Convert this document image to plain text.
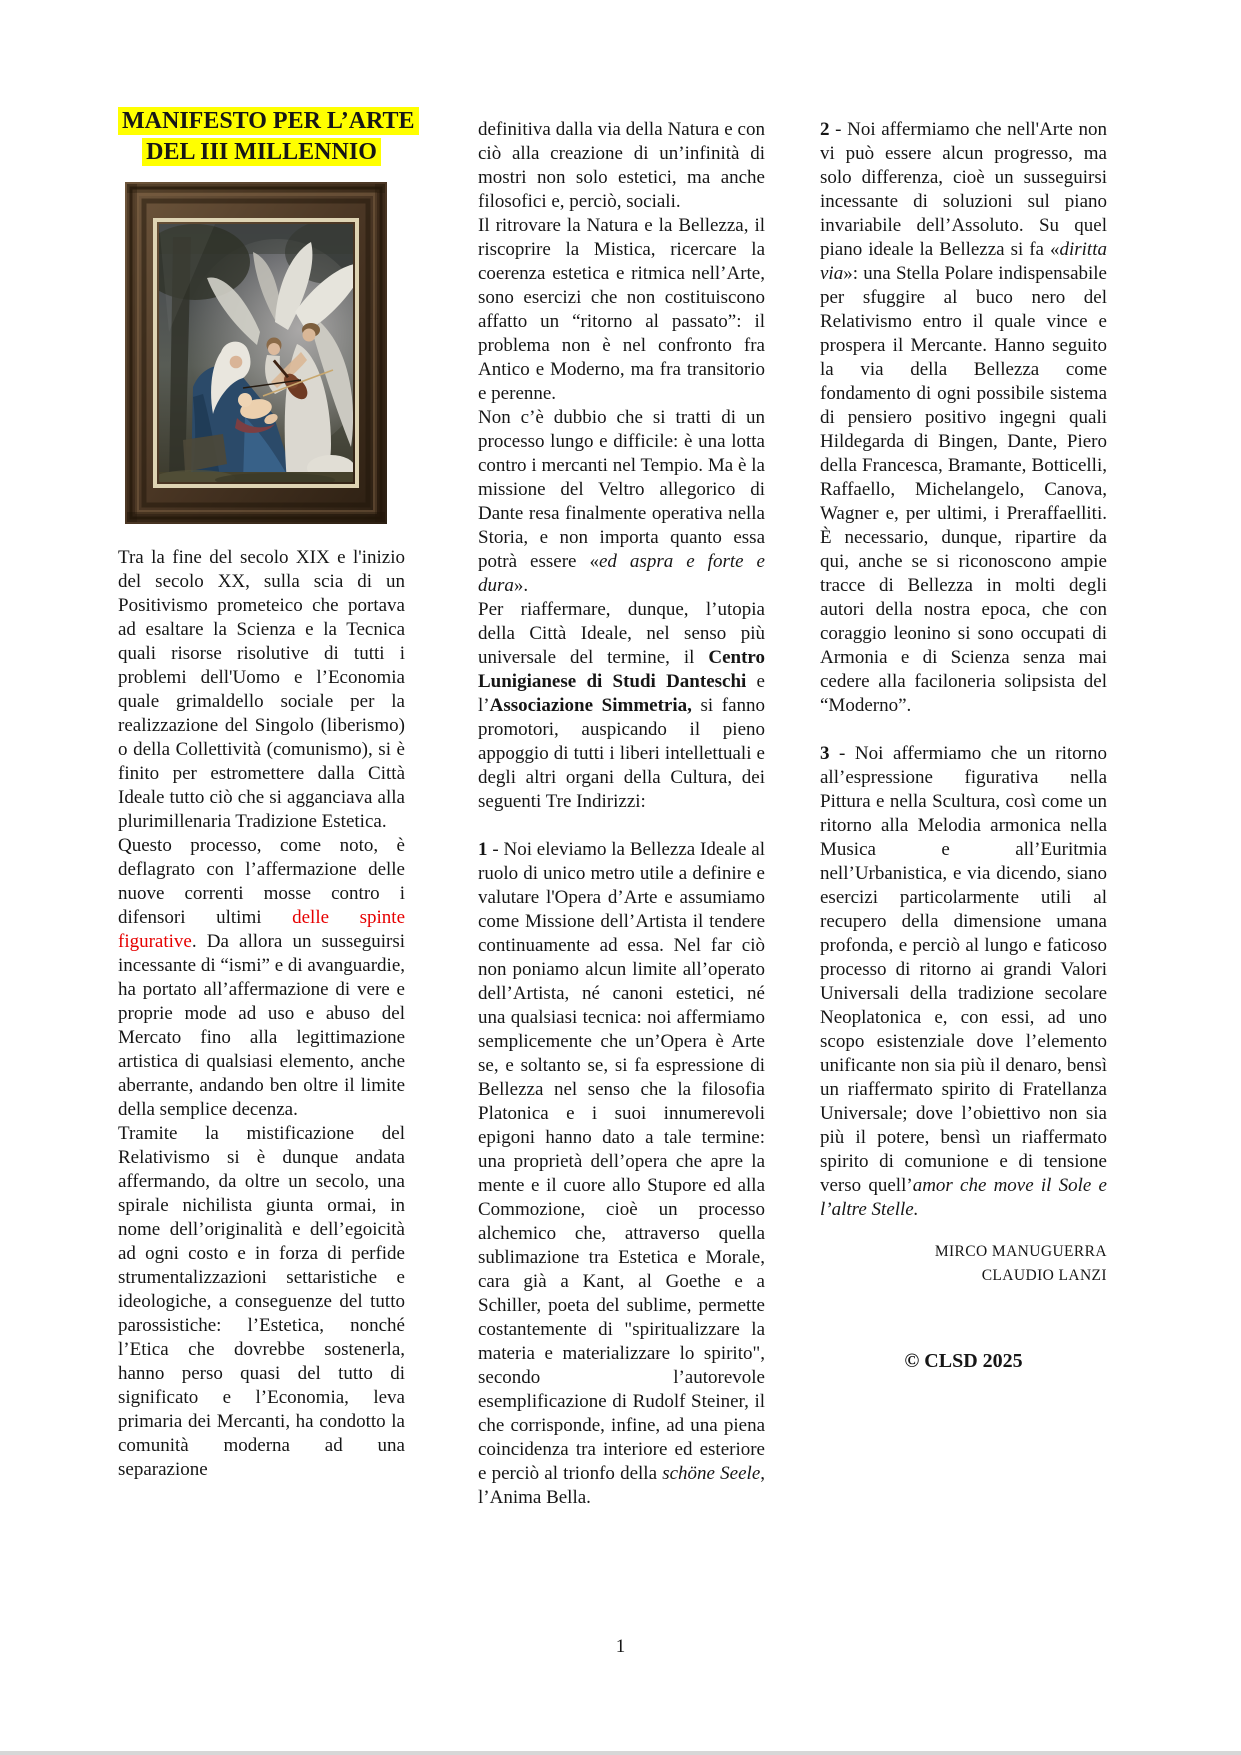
MANIFESTO PER L’ARTE
DEL III MILLENNIO

Tra la fine del secolo XIX e l'inizio del secolo XX, sulla scia di un Positivismo prometeico che portava ad esaltare la Scienza e la Tecnica quali risorse risolutive di tutti i problemi dell'Uomo e l’Economia quale grimaldello sociale per la realizzazione del Singolo (liberismo) o della Collettività (comunismo), si è finito per estromettere dalla Città Ideale tutto ciò che si agganciava alla plurimillenaria Tradizione Estetica.

Questo processo, come noto, è deflagrato con l’affermazione delle nuove correnti mosse contro i difensori ultimi delle spinte figurative. Da allora un susseguirsi incessante di “ismi” e di avanguardie, ha portato all’affermazione di vere e proprie mode ad uso e abuso del Mercato fino alla legittimazione artistica di qualsiasi elemento, anche aberrante, andando ben oltre il limite della semplice decenza.

Tramite la mistificazione del Relativismo si è dunque andata affermando, da oltre un secolo, una spirale nichilista giunta ormai, in nome dell’originalità e dell’egoicità ad ogni costo e in forza di perfide strumentalizzazioni settaristiche e ideologiche, a conseguenze del tutto parossistiche: l’Estetica, nonché l’Etica che dovrebbe sostenerla, hanno perso quasi del tutto di significato e l’Economia, leva primaria dei Mercanti, ha condotto la comunità moderna ad una separazione

definitiva dalla via della Natura e con ciò alla creazione di un’infinità di mostri non solo estetici, ma anche filosofici e, perciò, sociali.

Il ritrovare la Natura e la Bellezza, il riscoprire la Mistica, ricercare la coerenza estetica e ritmica nell’Arte, sono esercizi che non costituiscono affatto un “ritorno al passato”: il problema non è nel confronto fra Antico e Moderno, ma fra transitorio e perenne.

Non c’è dubbio che si tratti di un processo lungo e difficile: è una lotta contro i mercanti nel Tempio. Ma è la missione del Veltro allegorico di Dante resa finalmente operativa nella Storia, e non importa quanto essa potrà essere «ed aspra e forte e dura».

Per riaffermare, dunque, l’utopia della Città Ideale, nel senso più universale del termine, il Centro Lunigianese di Studi Danteschi e l’Associazione Simmetria, si fanno promotori, auspicando il pieno appoggio di tutti i liberi intellettuali e degli altri organi della Cultura, dei seguenti Tre Indirizzi:

1 - Noi eleviamo la Bellezza Ideale al ruolo di unico metro utile a definire e valutare l'Opera d’Arte e assumiamo come Missione dell’Artista il tendere continuamente ad essa. Nel far ciò non poniamo alcun limite all’operato dell’Artista, né canoni estetici, né una qualsiasi tecnica: noi affermiamo semplicemente che un’Opera è Arte se, e soltanto se, si fa espressione di Bellezza nel senso che la filosofia Platonica e i suoi innumerevoli epigoni hanno dato a tale termine: una proprietà dell’opera che apre la mente e il cuore allo Stupore ed alla Commozione, cioè un processo alchemico che, attraverso quella sublimazione tra Estetica e Morale, cara già a Kant, al Goethe e a Schiller, poeta del sublime, permette costantemente di "spiritualizzare la materia e materializzare lo spirito", secondo l’autorevole esemplificazione di Rudolf Steiner, il che corrisponde, infine, ad una piena coincidenza tra interiore ed esteriore e perciò al trionfo della schöne Seele, l’Anima Bella.

2 - Noi affermiamo che nell'Arte non vi può essere alcun progresso, ma solo differenza, cioè un susseguirsi incessante di soluzioni sul piano invariabile dell’Assoluto. Su quel piano ideale la Bellezza si fa «diritta via»: una Stella Polare indispensabile per sfuggire al buco nero del Relativismo entro il quale vince e prospera il Mercante. Hanno seguito la via della Bellezza come fondamento di ogni possibile sistema di pensiero positivo ingegni quali Hildegarda di Bingen, Dante, Piero della Francesca, Bramante, Botticelli, Raffaello, Michelangelo, Canova, Wagner e, per ultimi, i Preraffaelliti. È necessario, dunque, ripartire da qui, anche se si riconoscono ampie tracce di Bellezza in molti degli autori della nostra epoca, che con coraggio leonino si sono occupati di Armonia e di Scienza senza mai cedere alla faciloneria solipsista del “Moderno”.

3 - Noi affermiamo che un ritorno all’espressione figurativa nella Pittura e nella Scultura, così come un ritorno alla Melodia armonica nella Musica e all’Euritmia nell’Urbanistica, e via dicendo, siano esercizi particolarmente utili al recupero della dimensione umana profonda, e perciò al lungo e faticoso processo di ritorno ai grandi Valori Universali della tradizione secolare Neoplatonica e, con essi, ad uno scopo esistenziale dove l’elemento unificante non sia più il denaro, bensì un riaffermato spirito di Fratellanza Universale; dove l’obiettivo non sia più il potere, bensì un riaffermato spirito di comunione e di tensione verso quell’amor che move il Sole e l’altre Stelle.

MIRCO MANUGUERRA
CLAUDIO LANZI
© CLSD 2025
1
